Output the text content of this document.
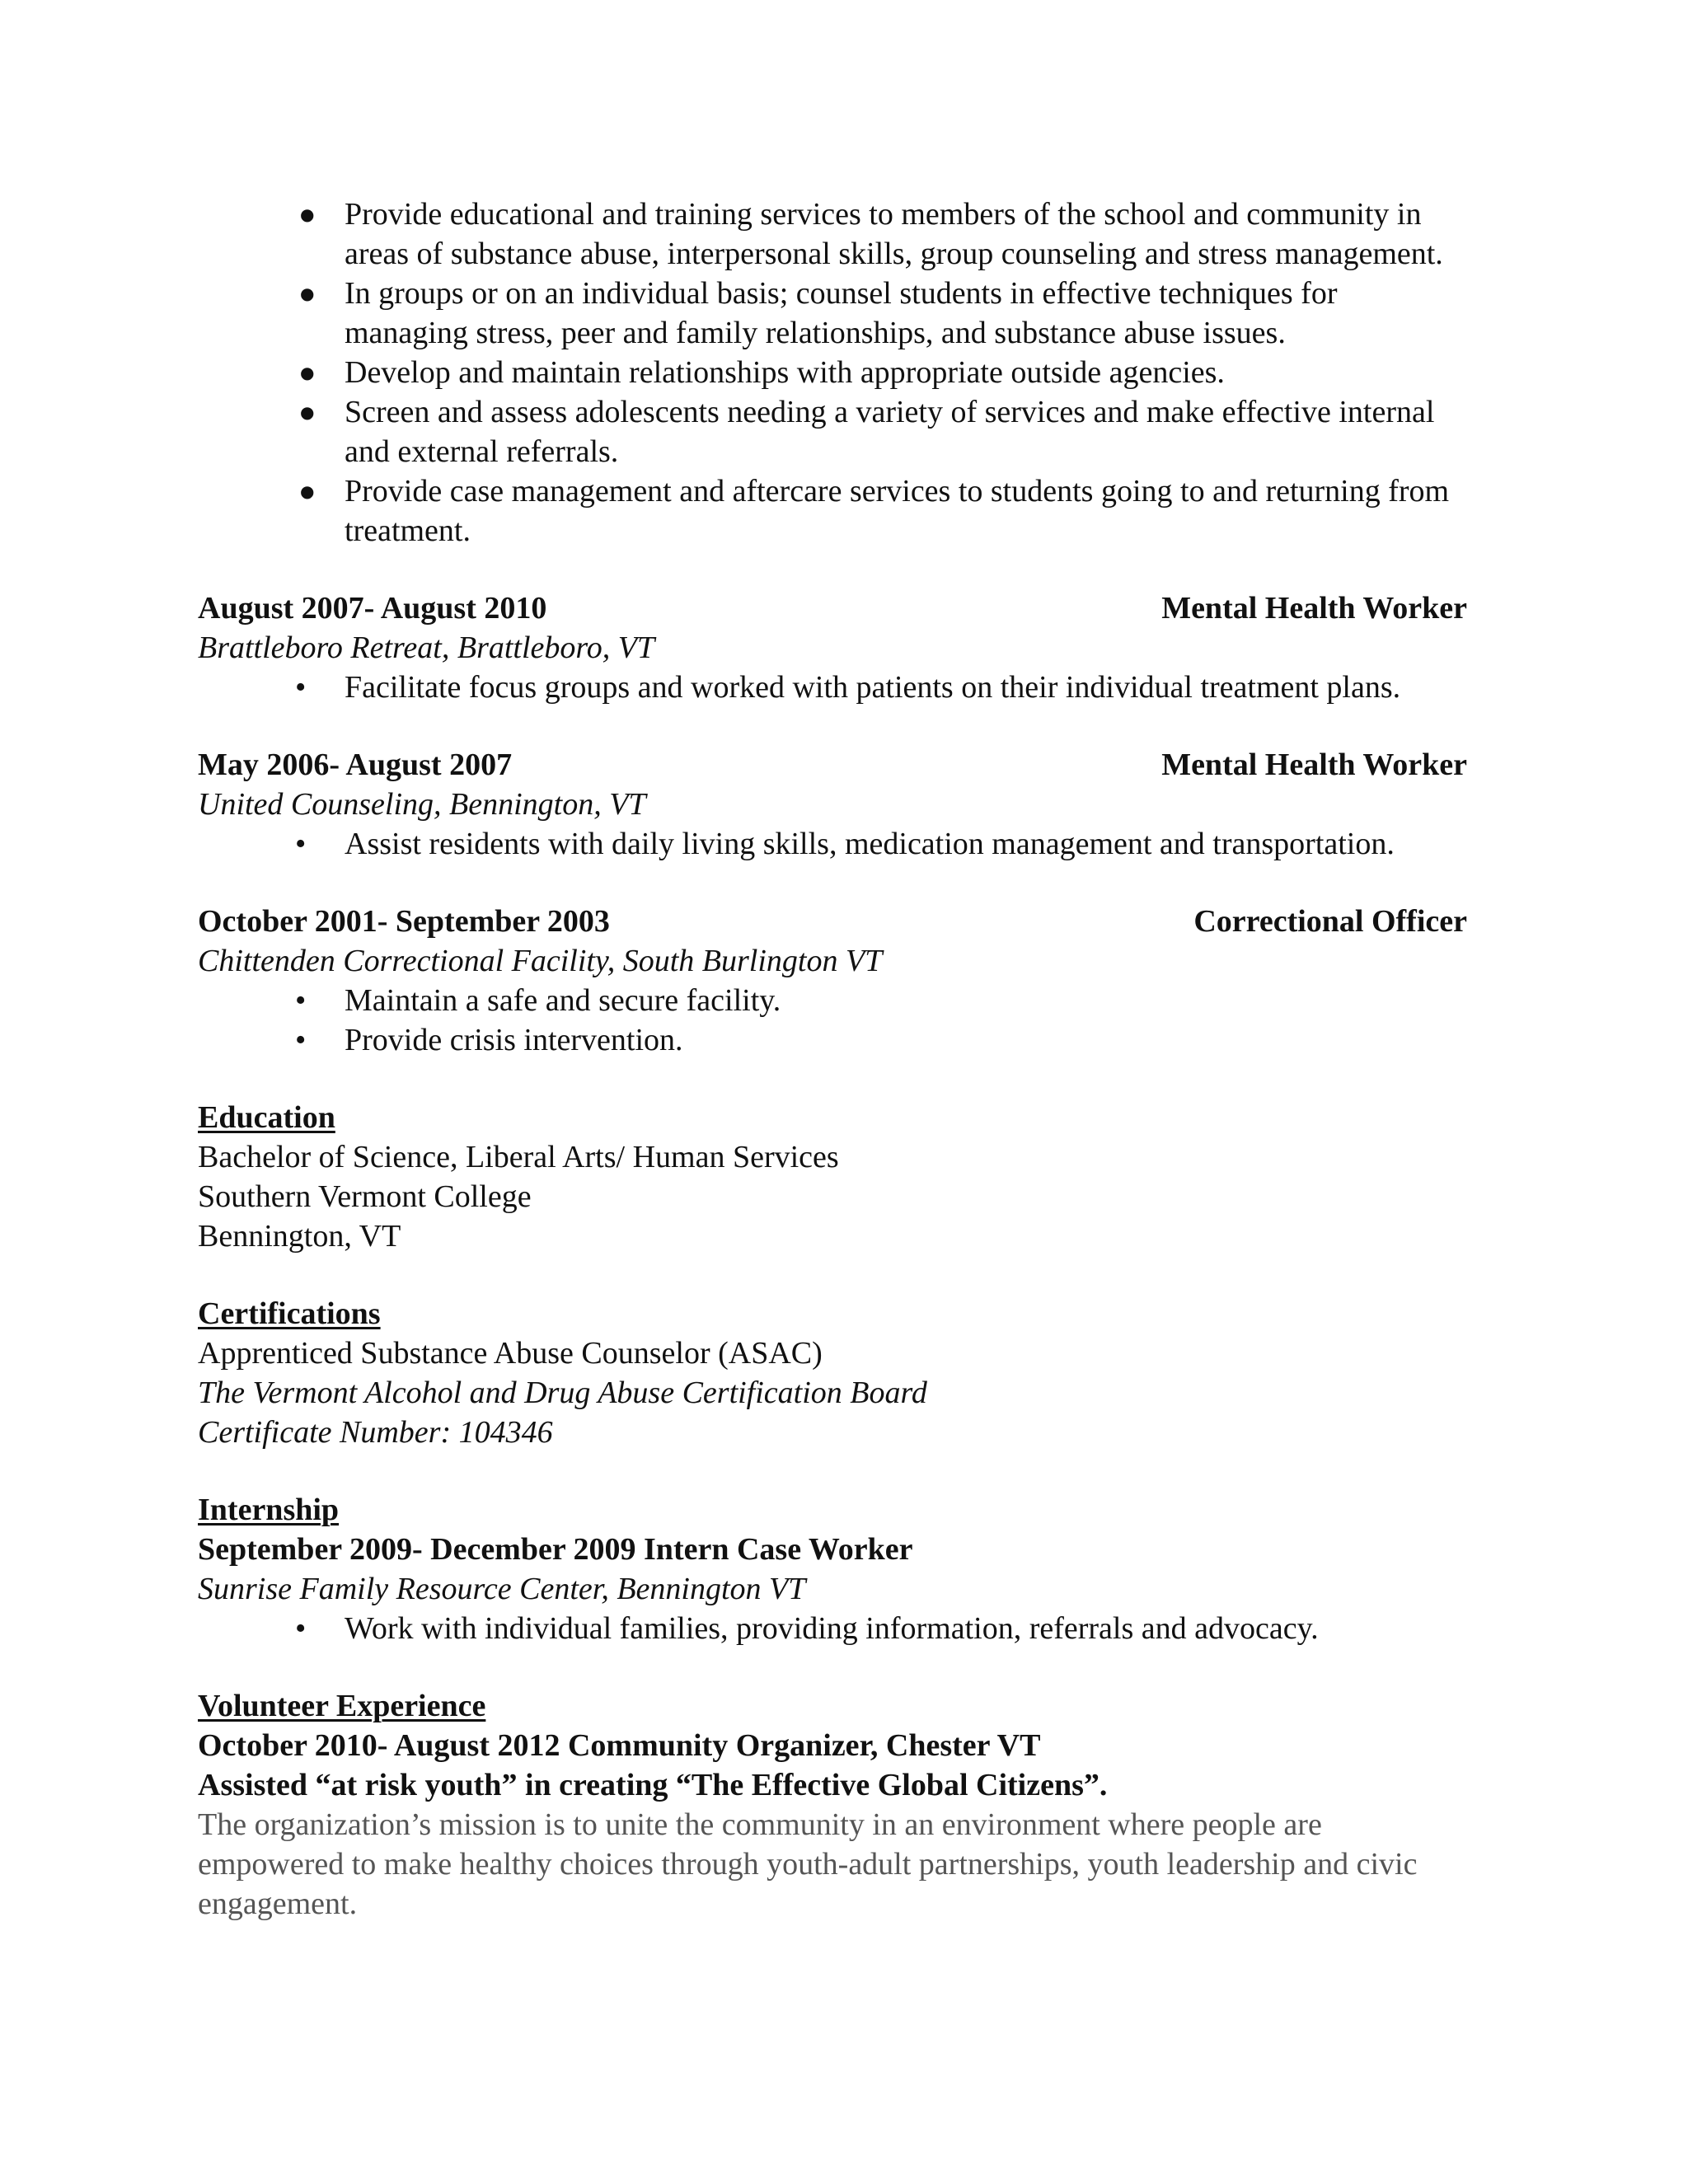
● Provide educational and training services to members of the school and community in areas of substance abuse, interpersonal skills, group counseling and stress management.
● In groups or on an individual basis; counsel students in effective techniques for managing stress, peer and family relationships, and substance abuse issues.
● Develop and maintain relationships with appropriate outside agencies.
● Screen and assess adolescents needing a variety of services and make effective internal and external referrals.
● Provide case management and aftercare services to students going to and returning from treatment.
August 2007- August 2010	Mental Health Worker
Brattleboro Retreat, Brattleboro, VT
• Facilitate focus groups and worked with patients on their individual treatment plans.
May 2006- August 2007	Mental Health Worker
United Counseling, Bennington, VT
• Assist residents with daily living skills, medication management and transportation.
October 2001- September 2003	Correctional Officer
Chittenden Correctional Facility, South Burlington VT
• Maintain a safe and secure facility.
• Provide crisis intervention.
Education
Bachelor of Science, Liberal Arts/ Human Services
Southern Vermont College
Bennington, VT
Certifications
Apprenticed Substance Abuse Counselor (ASAC)
The Vermont Alcohol and Drug Abuse Certification Board
Certificate Number: 104346
Internship
September 2009- December 2009 Intern Case Worker
Sunrise Family Resource Center, Bennington VT
• Work with individual families, providing information, referrals and advocacy.
Volunteer Experience
October 2010- August 2012 Community Organizer, Chester VT
Assisted “at risk youth” in creating “The Effective Global Citizens”.
The organization’s mission is to unite the community in an environment where people are empowered to make healthy choices through youth-adult partnerships, youth leadership and civic engagement.
